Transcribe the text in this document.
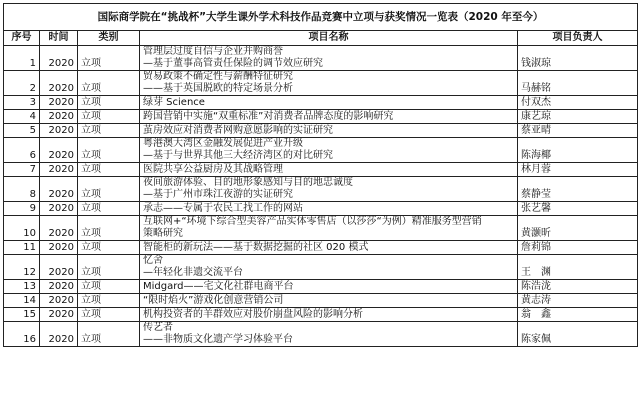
国际商学院在“挑战杯”大学生课外学术科技作品竞赛中立项与获奖情况一览表（2020 年至今）				
序号	时间	类别	项目名称	项目负责人
1	2020	立项	管理层过度自信与企业并购商誉
—基于董事高管责任保险的调节效应研究	钱淑琼
2	2020	立项	贸易政策不确定性与薪酬特征研究
——基于英国脱欧的特定场景分析	马赫铭
3	2020	立项	绿芽 Science	付双杰
4	2020	立项	跨国营销中实施“双重标准”对消费者品牌态度的影响研究	康艺琼
5	2020	立项	茧房效应对消费者网购意愿影响的实证研究	蔡亚晴
6	2020	立项	粤港澳大湾区金融发展促进产业升级
—基于与世界其他三大经济湾区的对比研究	陈海椰
7	2020	立项	医院共享公益厨房及其战略管理	林月蓉
8	2020	立项	夜间旅游体验、目的地形象感知与目的地忠诚度
—基于广州市珠江夜游的实证研究	蔡静莹
9	2020	立项	承志——专属于农民工找工作的网站	张艺馨
10	2020	立项	互联网+“环境下综合型美容产品实体零售店（以莎莎“为例）精准服务型营销
策略研究	黄灏昕
11	2020	立项	智能柜的新玩法——基于数据挖掘的社区 020 模式	詹莉锦
12	2020	立项	忆舍
—年轻化非遗交流平台	王　渊
13	2020	立项	Midgard——宅文化社群电商平台	陈浩泷
14	2020	立项	“限时焰火”游戏化创意营销公司	黄志涛
15	2020	立项	机构投资者的羊群效应对股价崩盘风险的影响分析	翁　鑫
16	2020	立项	传艺者
——非物质文化遗产学习体验平台	陈家佩
